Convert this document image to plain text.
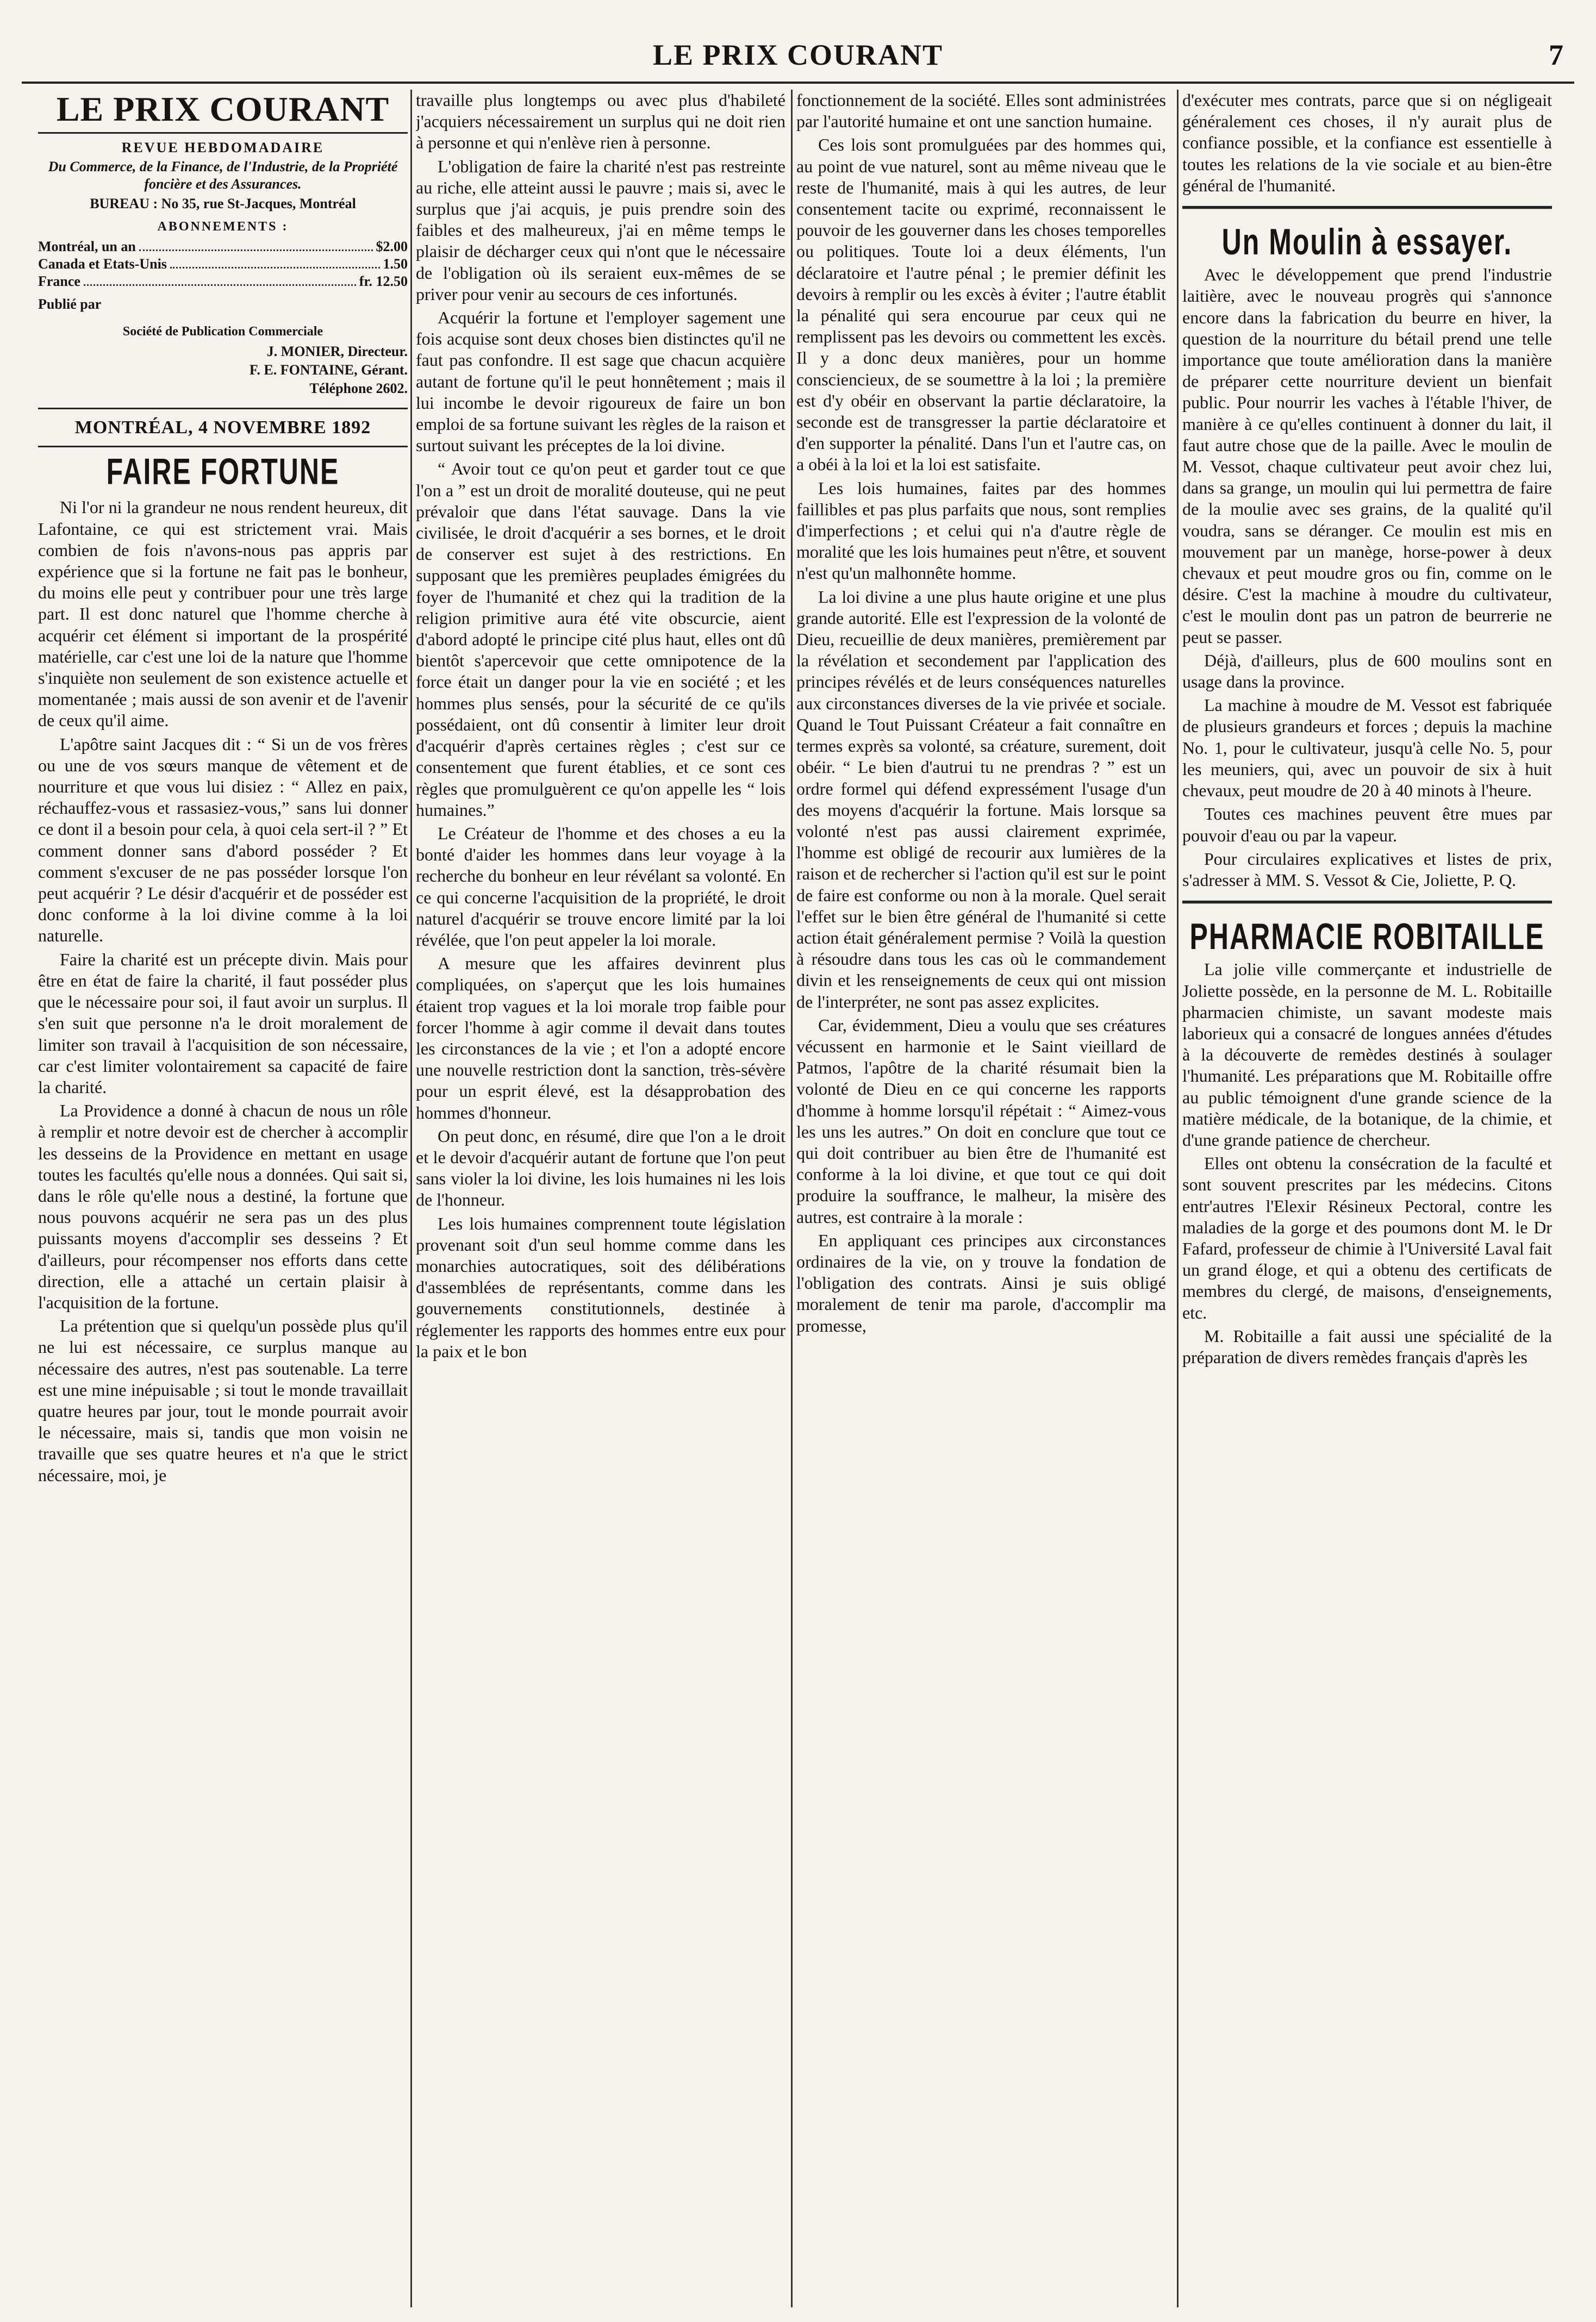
LE PRIX COURANT	7
LE PRIX COURANT
REVUE HEBDOMADAIRE
Du Commerce, de la Finance, de l'Industrie, de la Propriété foncière et des Assurances.
BUREAU : No 35, rue St-Jacques, Montréal
ABONNEMENTS :
Montréal, un an	$2.00
Canada et Etats-Unis	1.50
France	fr. 12.50
Publié par
Société de Publication Commerciale
J. MONIER, Directeur.
F. E. FONTAINE, Gérant.
Téléphone 2602.
MONTRÉAL, 4 NOVEMBRE 1892
FAIRE FORTUNE

Ni l'or ni la grandeur ne nous rendent heureux, dit Lafontaine, ce qui est strictement vrai. Mais combien de fois n'avons-nous pas appris par expérience que si la fortune ne fait pas le bonheur, du moins elle peut y contribuer pour une très large part. Il est donc naturel que l'homme cherche à acquérir cet élément si important de la prospérité matérielle, car c'est une loi de la nature que l'homme s'inquiète non seulement de son existence actuelle et momentanée ; mais aussi de son avenir et de l'avenir de ceux qu'il aime.

L'apôtre saint Jacques dit : “ Si un de vos frères ou une de vos sœurs manque de vêtement et de nourriture et que vous lui disiez : “ Allez en paix, réchauffez-vous et rassasiez-vous,” sans lui donner ce dont il a besoin pour cela, à quoi cela sert-il ? ” Et comment donner sans d'abord posséder ? Et comment s'excuser de ne pas posséder lorsque l'on peut acquérir ? Le désir d'acquérir et de posséder est donc conforme à la loi divine comme à la loi naturelle.

Faire la charité est un précepte divin. Mais pour être en état de faire la charité, il faut posséder plus que le nécessaire pour soi, il faut avoir un surplus. Il s'en suit que personne n'a le droit moralement de limiter son travail à l'acquisition de son nécessaire, car c'est limiter volontairement sa capacité de faire la charité.

La Providence a donné à chacun de nous un rôle à remplir et notre devoir est de chercher à accomplir les desseins de la Providence en mettant en usage toutes les facultés qu'elle nous a données. Qui sait si, dans le rôle qu'elle nous a destiné, la fortune que nous pouvons acquérir ne sera pas un des plus puissants moyens d'accomplir ses desseins ? Et d'ailleurs, pour récompenser nos efforts dans cette direction, elle a attaché un certain plaisir à l'acquisition de la fortune.

La prétention que si quelqu'un possède plus qu'il ne lui est nécessaire, ce surplus manque au nécessaire des autres, n'est pas soutenable. La terre est une mine inépuisable ; si tout le monde travaillait quatre heures par jour, tout le monde pourrait avoir le nécessaire, mais si, tandis que mon voisin ne travaille que ses quatre heures et n'a que le strict nécessaire, moi, je

travaille plus longtemps ou avec plus d'habileté j'acquiers nécessairement un surplus qui ne doit rien à personne et qui n'enlève rien à personne.

L'obligation de faire la charité n'est pas restreinte au riche, elle atteint aussi le pauvre ; mais si, avec le surplus que j'ai acquis, je puis prendre soin des faibles et des malheureux, j'ai en même temps le plaisir de décharger ceux qui n'ont que le nécessaire de l'obligation où ils seraient eux-mêmes de se priver pour venir au secours de ces infortunés.

Acquérir la fortune et l'employer sagement une fois acquise sont deux choses bien distinctes qu'il ne faut pas confondre. Il est sage que chacun acquière autant de fortune qu'il le peut honnêtement ; mais il lui incombe le devoir rigoureux de faire un bon emploi de sa fortune suivant les règles de la raison et surtout suivant les préceptes de la loi divine.

“ Avoir tout ce qu'on peut et garder tout ce que l'on a ” est un droit de moralité douteuse, qui ne peut prévaloir que dans l'état sauvage. Dans la vie civilisée, le droit d'acquérir a ses bornes, et le droit de conserver est sujet à des restrictions. En supposant que les premières peuplades émigrées du foyer de l'humanité et chez qui la tradition de la religion primitive aura été vite obscurcie, aient d'abord adopté le principe cité plus haut, elles ont dû bientôt s'apercevoir que cette omnipotence de la force était un danger pour la vie en société ; et les hommes plus sensés, pour la sécurité de ce qu'ils possédaient, ont dû consentir à limiter leur droit d'acquérir d'après certaines règles ; c'est sur ce consentement que furent établies, et ce sont ces règles que promulguèrent ce qu'on appelle les “ lois humaines.”

Le Créateur de l'homme et des choses a eu la bonté d'aider les hommes dans leur voyage à la recherche du bonheur en leur révélant sa volonté. En ce qui concerne l'acquisition de la propriété, le droit naturel d'acquérir se trouve encore limité par la loi révélée, que l'on peut appeler la loi morale.

A mesure que les affaires devinrent plus compliquées, on s'aperçut que les lois humaines étaient trop vagues et la loi morale trop faible pour forcer l'homme à agir comme il devait dans toutes les circonstances de la vie ; et l'on a adopté encore une nouvelle restriction dont la sanction, très-sévère pour un esprit élevé, est la désapprobation des hommes d'honneur.

On peut donc, en résumé, dire que l'on a le droit et le devoir d'acquérir autant de fortune que l'on peut sans violer la loi divine, les lois humaines ni les lois de l'honneur.

Les lois humaines comprennent toute législation provenant soit d'un seul homme comme dans les monarchies autocratiques, soit des délibérations d'assemblées de représentants, comme dans les gouvernements constitutionnels, destinée à réglementer les rapports des hommes entre eux pour la paix et le bon

fonctionnement de la société. Elles sont administrées par l'autorité humaine et ont une sanction humaine.

Ces lois sont promulguées par des hommes qui, au point de vue naturel, sont au même niveau que le reste de l'humanité, mais à qui les autres, de leur consentement tacite ou exprimé, reconnaissent le pouvoir de les gouverner dans les choses temporelles ou politiques. Toute loi a deux éléments, l'un déclaratoire et l'autre pénal ; le premier définit les devoirs à remplir ou les excès à éviter ; l'autre établit la pénalité qui sera encourue par ceux qui ne remplissent pas les devoirs ou commettent les excès. Il y a donc deux manières, pour un homme consciencieux, de se soumettre à la loi ; la première est d'y obéir en observant la partie déclaratoire, la seconde est de transgresser la partie déclaratoire et d'en supporter la pénalité. Dans l'un et l'autre cas, on a obéi à la loi et la loi est satisfaite.

Les lois humaines, faites par des hommes faillibles et pas plus parfaits que nous, sont remplies d'imperfections ; et celui qui n'a d'autre règle de moralité que les lois humaines peut n'être, et souvent n'est qu'un malhonnête homme.

La loi divine a une plus haute origine et une plus grande autorité. Elle est l'expression de la volonté de Dieu, recueillie de deux manières, premièrement par la révélation et secondement par l'application des principes révélés et de leurs conséquences naturelles aux circonstances diverses de la vie privée et sociale. Quand le Tout Puissant Créateur a fait connaître en termes exprès sa volonté, sa créature, surement, doit obéir. “ Le bien d'autrui tu ne prendras ? ” est un ordre formel qui défend expressément l'usage d'un des moyens d'acquérir la fortune. Mais lorsque sa volonté n'est pas aussi clairement exprimée, l'homme est obligé de recourir aux lumières de la raison et de rechercher si l'action qu'il est sur le point de faire est conforme ou non à la morale. Quel serait l'effet sur le bien être général de l'humanité si cette action était généralement permise ? Voilà la question à résoudre dans tous les cas où le commandement divin et les renseignements de ceux qui ont mission de l'interpréter, ne sont pas assez explicites.

Car, évidemment, Dieu a voulu que ses créatures vécussent en harmonie et le Saint vieillard de Patmos, l'apôtre de la charité résumait bien la volonté de Dieu en ce qui concerne les rapports d'homme à homme lorsqu'il répétait : “ Aimez-vous les uns les autres.” On doit en conclure que tout ce qui doit contribuer au bien être de l'humanité est conforme à la loi divine, et que tout ce qui doit produire la souffrance, le malheur, la misère des autres, est contraire à la morale :

En appliquant ces principes aux circonstances ordinaires de la vie, on y trouve la fondation de l'obligation des contrats. Ainsi je suis obligé moralement de tenir ma parole, d'accomplir ma promesse,

d'exécuter mes contrats, parce que si on négligeait généralement ces choses, il n'y aurait plus de confiance possible, et la confiance est essentielle à toutes les relations de la vie sociale et au bien-être général de l'humanité.

Un Moulin à essayer.

Avec le développement que prend l'industrie laitière, avec le nouveau progrès qui s'annonce encore dans la fabrication du beurre en hiver, la question de la nourriture du bétail prend une telle importance que toute amélioration dans la manière de préparer cette nourriture devient un bienfait public. Pour nourrir les vaches à l'étable l'hiver, de manière à ce qu'elles continuent à donner du lait, il faut autre chose que de la paille. Avec le moulin de M. Vessot, chaque cultivateur peut avoir chez lui, dans sa grange, un moulin qui lui permettra de faire de la moulie avec ses grains, de la qualité qu'il voudra, sans se déranger. Ce moulin est mis en mouvement par un manège, horse-power à deux chevaux et peut moudre gros ou fin, comme on le désire. C'est la machine à moudre du cultivateur, c'est le moulin dont pas un patron de beurrerie ne peut se passer.

Déjà, d'ailleurs, plus de 600 moulins sont en usage dans la province.

La machine à moudre de M. Vessot est fabriquée de plusieurs grandeurs et forces ; depuis la machine No. 1, pour le cultivateur, jusqu'à celle No. 5, pour les meuniers, qui, avec un pouvoir de six à huit chevaux, peut moudre de 20 à 40 minots à l'heure.

Toutes ces machines peuvent être mues par pouvoir d'eau ou par la vapeur.

Pour circulaires explicatives et listes de prix, s'adresser à MM. S. Vessot & Cie, Joliette, P. Q.

PHARMACIE ROBITAILLE

La jolie ville commerçante et industrielle de Joliette possède, en la personne de M. L. Robitaille pharmacien chimiste, un savant modeste mais laborieux qui a consacré de longues années d'études à la découverte de remèdes destinés à soulager l'humanité. Les préparations que M. Robitaille offre au public témoignent d'une grande science de la matière médicale, de la botanique, de la chimie, et d'une grande patience de chercheur.

Elles ont obtenu la consécration de la faculté et sont souvent prescrites par les médecins. Citons entr'autres l'Elexir Résineux Pectoral, contre les maladies de la gorge et des poumons dont M. le Dr Fafard, professeur de chimie à l'Université Laval fait un grand éloge, et qui a obtenu des certificats de membres du clergé, de maisons, d'enseignements, etc.

M. Robitaille a fait aussi une spécialité de la préparation de divers remèdes français d'après les
